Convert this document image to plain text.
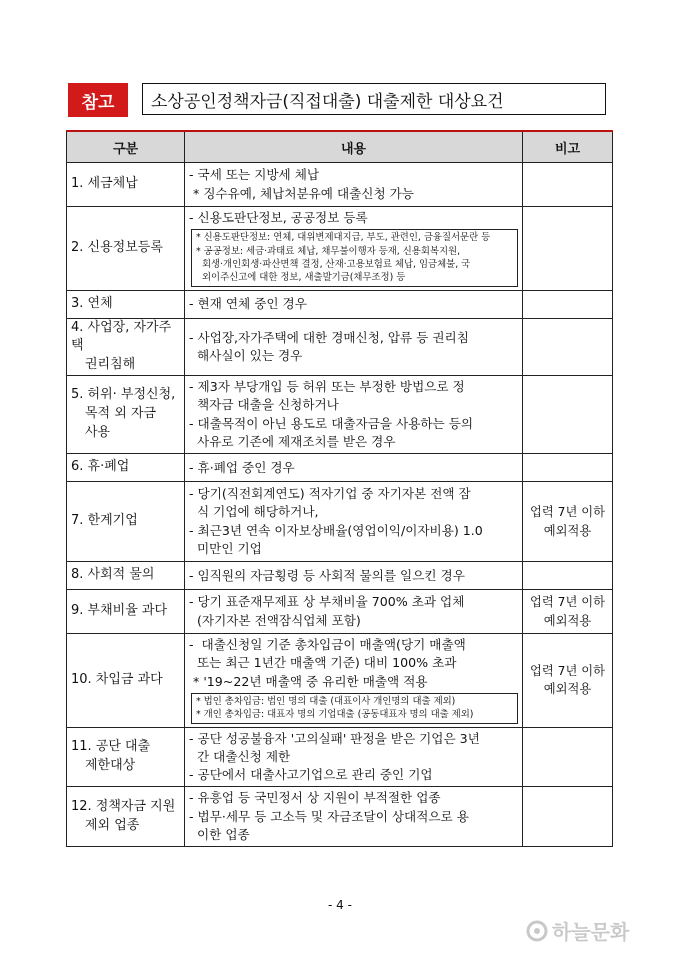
참고	소상공인정책자금(직접대출) 대출제한 대상요건
구분	내용	비고

1. 세금체납	- 국세 또는 지방세 체납
* 징수유예, 체납처분유예 대출신청 가능	

2. 신용정보등록	- 신용도판단정보, 공공정보 등록
* 신용도판단정보: 연체, 대위변제대지급, 부도, 관련인, 금융질서문란 등
* 공공정보: 세금·과태료 체납, 채무불이행자 등재, 신용회복지원,
회생·개인회생·파산면책 결정, 산재·고용보험료 체납, 임금체불, 국
외이주신고에 대한 정보, 새출발기금(채무조정) 등	

3. 연체	- 현재 연체 중인 경우	

4. 사업장, 자가주택
권리침해	- 사업장,자가주택에 대한 경매신청, 압류 등 권리침
해사실이 있는 경우	

5. 허위· 부정신청,
목적 외 자금
사용	- 제3자 부당개입 등 허위 또는 부정한 방법으로 정
책자금 대출을 신청하거나
- 대출목적이 아닌 용도로 대출자금을 사용하는 등의
사유로 기존에 제재조치를 받은 경우	

6. 휴·폐업	- 휴·폐업 중인 경우	

7. 한계기업	- 당기(직전회계연도) 적자기업 중 자기자본 전액 잠
식 기업에 해당하거나,
- 최근3년 연속 이자보상배율(영업이익/이자비용) 1.0
미만인 기업	업력 7년 이하
예외적용

8. 사회적 물의	- 임직원의 자금횡령 등 사회적 물의를 일으킨 경우	

9. 부채비율 과다	- 당기 표준재무제표 상 부채비율 700% 초과 업체
(자기자본 전액잠식업체 포함)	업력 7년 이하
예외적용

10. 차입금 과다	-  대출신청일 기준 총차입금이 매출액(당기 매출액
또는 최근 1년간 매출액 기준) 대비 100% 초과
* '19~22년 매출액 중 유리한 매출액 적용
* 법인 총차입금: 법인 명의 대출 (대표이사 개인명의 대출 제외)
* 개인 총차입금: 대표자 명의 기업대출 (공동대표자 명의 대출 제외)	업력 7년 이하
예외적용

11. 공단 대출
제한대상	- 공단 성공불융자 '고의실패' 판정을 받은 기업은 3년
간 대출신청 제한
- 공단에서 대출사고기업으로 관리 중인 기업	

12. 정책자금 지원
제외 업종	- 유흥업 등 국민정서 상 지원이 부적절한 업종
- 법무·세무 등 고소득 및 자금조달이 상대적으로 용
이한 업종	

- 4 -
하늘문화
